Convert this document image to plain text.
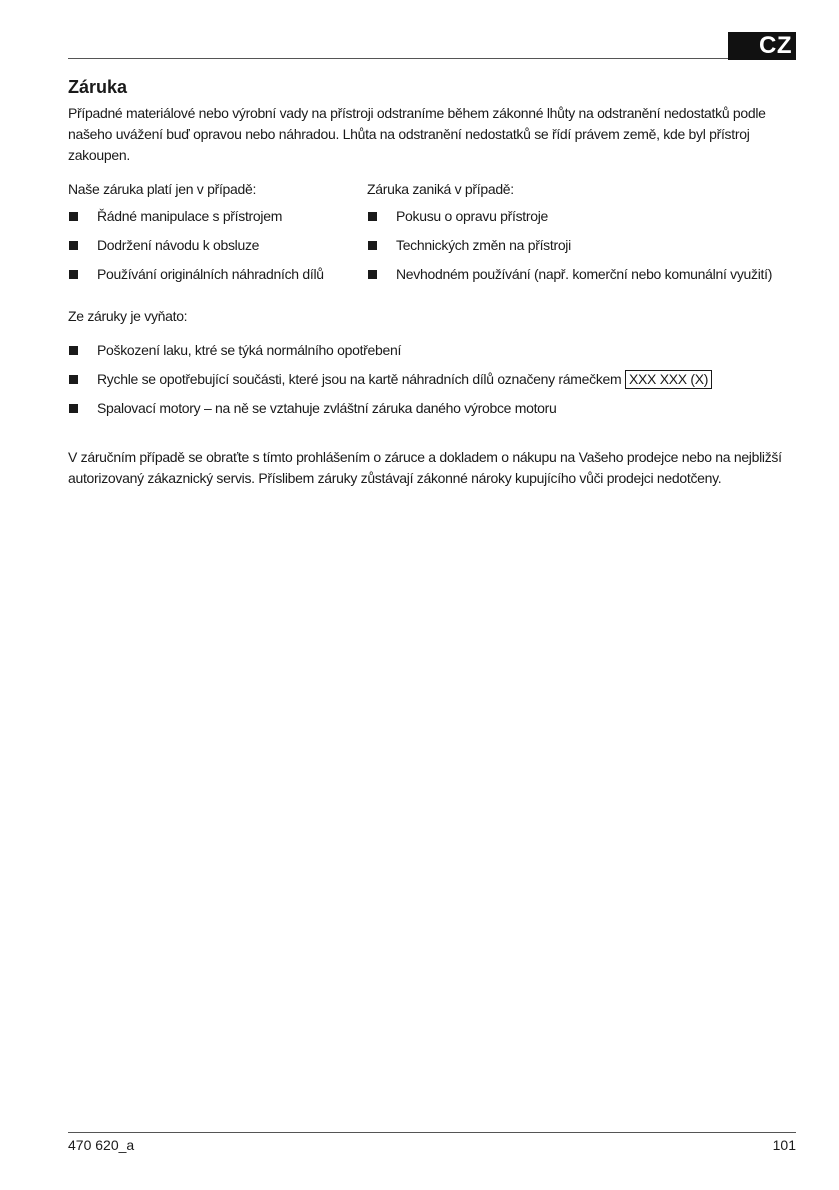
CZ
Záruka

Případné materiálové nebo výrobní vady na přístroji odstraníme během zákonné lhůty na odstranění nedostatků podle našeho uvážení buď opravou nebo náhradou. Lhůta na odstranění nedostatků se řídí právem země, kde byl přístroj zakoupen.

Naše záruka platí jen v případě:

Řádné manipulace s přístrojem
Dodržení návodu k obsluze
Používání originálních náhradních dílů

Záruka zaniká v případě:

Pokusu o opravu přístroje
Technických změn na přístroji
Nevhodném používání (např. komerční nebo komunální využití)

Ze záruky je vyňato:

Poškození laku, ktré se týká normálního opotřebení
Rychle se opotřebující součásti, které jsou na kartě náhradních dílů označeny rámečkem XXX XXX (X)
Spalovací motory – na ně se vztahuje zvláštní záruka daného výrobce motoru

V záručním případě se obraťte s tímto prohlášením o záruce a dokladem o nákupu na Vašeho prodejce nebo na nejbližší autorizovaný zákaznický servis. Příslibem záruky zůstávají zákonné nároky kupujícího vůči prodejci nedotčeny.

470 620_a	101
